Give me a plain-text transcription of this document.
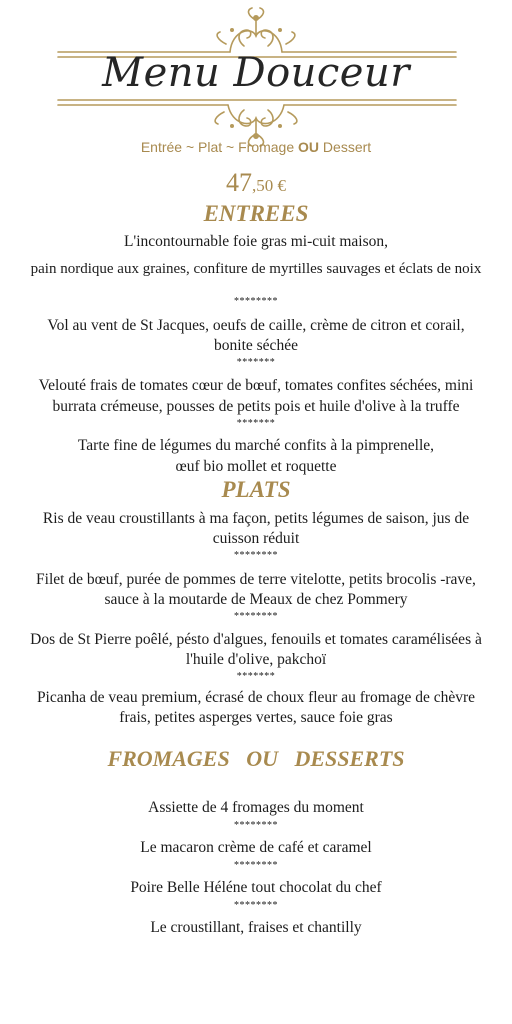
Menu Douceur
Entrée ~ Plat ~ Fromage OU Dessert
47,50 €
ENTREES
L'incontournable foie gras mi-cuit maison,
pain nordique aux graines, confiture de myrtilles sauvages et éclats de noix
********
Vol au vent de St Jacques, oeufs de caille, crème de citron et corail,
bonite séchée
*******
Velouté frais de tomates cœur de bœuf, tomates confites séchées, mini
burrata crémeuse, pousses de petits pois et huile d'olive à la truffe
*******
Tarte fine de légumes du marché confits à la pimprenelle,
œuf bio mollet et roquette
PLATS
Ris de veau croustillants à ma façon, petits légumes de saison, jus de
cuisson réduit
********
Filet de bœuf, purée de pommes de terre vitelotte, petits brocolis -rave,
sauce à la moutarde de Meaux de chez Pommery
********
Dos de St Pierre poêlé, pésto d'algues, fenouils et tomates caramélisées à
l'huile d'olive, pakchoï
*******
Picanha de veau premium, écrasé de choux fleur au fromage de chèvre
frais, petites asperges vertes, sauce foie gras
FROMAGES   OU   DESSERTS
Assiette de 4 fromages du moment
********
Le macaron crème de café et caramel
********
Poire Belle Héléne tout chocolat du chef
********
Le croustillant, fraises et chantilly
